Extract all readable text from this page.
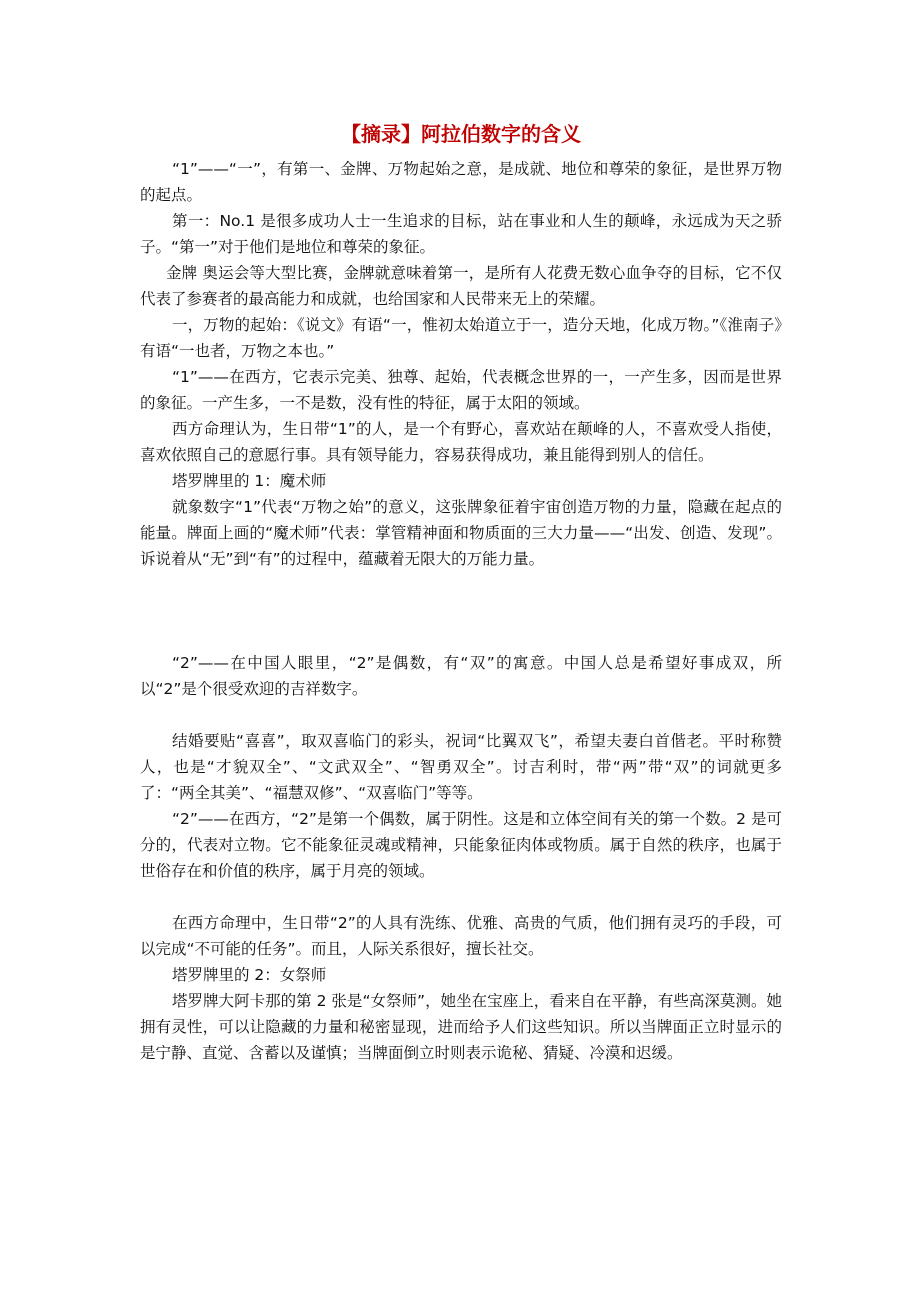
【摘录】阿拉伯数字的含义

“1”——“一”，有第一、金牌、万物起始之意，是成就、地位和尊荣的象征，是世界万物的起点。

第一：No.1 是很多成功人士一生追求的目标，站在事业和人生的颠峰，永远成为天之骄子。“第一”对于他们是地位和尊荣的象征。

金牌 奥运会等大型比赛，金牌就意味着第一，是所有人花费无数心血争夺的目标，它不仅代表了参赛者的最高能力和成就，也给国家和人民带来无上的荣耀。

一，万物的起始：《说文》有语“一，惟初太始道立于一，造分天地，化成万物。”《淮南子》有语“一也者，万物之本也。”

“1”——在西方，它表示完美、独尊、起始，代表概念世界的一，一产生多，因而是世界的象征。一产生多，一不是数，没有性的特征，属于太阳的领域。

西方命理认为，生日带“1”的人，是一个有野心，喜欢站在颠峰的人，不喜欢受人指使，喜欢依照自己的意愿行事。具有领导能力，容易获得成功，兼且能得到别人的信任。

塔罗牌里的 1：魔术师

就象数字“1”代表“万物之始”的意义，这张牌象征着宇宙创造万物的力量，隐藏在起点的能量。牌面上画的“魔术师”代表：掌管精神面和物质面的三大力量——“出发、创造、发现”。诉说着从“无”到“有”的过程中，蕴藏着无限大的万能力量。

“2”——在中国人眼里，“2”是偶数，有“双”的寓意。中国人总是希望好事成双，所以“2”是个很受欢迎的吉祥数字。

结婚要贴“喜喜”，取双喜临门的彩头，祝词“比翼双飞”，希望夫妻白首偕老。平时称赞人，也是“才貌双全”、“文武双全”、“智勇双全”。讨吉利时，带“两”带“双”的词就更多了：“两全其美”、“福慧双修”、“双喜临门”等等。

“2”——在西方，“2”是第一个偶数，属于阴性。这是和立体空间有关的第一个数。2 是可分的，代表对立物。它不能象征灵魂或精神，只能象征肉体或物质。属于自然的秩序，也属于世俗存在和价值的秩序，属于月亮的领域。

在西方命理中，生日带“2”的人具有洗练、优雅、高贵的气质，他们拥有灵巧的手段，可以完成“不可能的任务”。而且，人际关系很好，擅长社交。

塔罗牌里的 2：女祭师

塔罗牌大阿卡那的第 2 张是“女祭师”，她坐在宝座上，看来自在平静，有些高深莫测。她拥有灵性，可以让隐藏的力量和秘密显现，进而给予人们这些知识。所以当牌面正立时显示的是宁静、直觉、含蓄以及谨慎；当牌面倒立时则表示诡秘、猜疑、冷漠和迟缓。
